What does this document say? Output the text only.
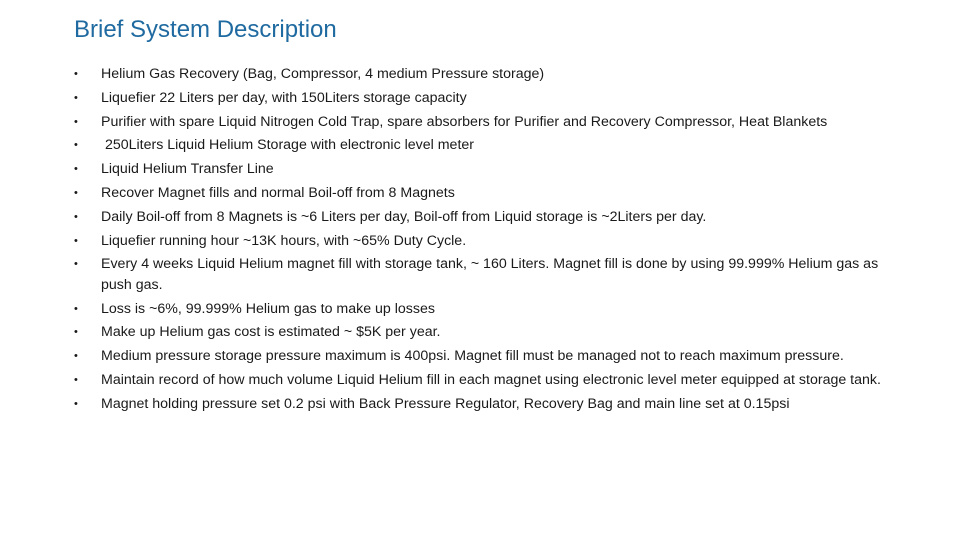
Brief System Description
•	Helium Gas Recovery (Bag, Compressor, 4 medium Pressure storage)
•	Liquefier 22 Liters per day, with 150Liters storage capacity
•	Purifier with spare Liquid Nitrogen Cold Trap, spare absorbers for Purifier and Recovery Compressor, Heat Blankets
•	250Liters Liquid Helium Storage with electronic level meter
•	Liquid Helium Transfer Line
•	Recover Magnet fills and normal Boil-off from 8 Magnets
•	Daily Boil-off from 8 Magnets is ~6 Liters per day, Boil-off from Liquid storage is ~2Liters per day.
•	Liquefier running hour ~13K hours, with ~65% Duty Cycle.
•	Every 4 weeks Liquid Helium magnet fill with storage tank, ~ 160 Liters. Magnet fill is done by using 99.999% Helium gas as push gas.
•	Loss is ~6%, 99.999% Helium gas to make up losses
•	Make up Helium gas cost is estimated ~ $5K per year.
•	Medium pressure storage pressure maximum is 400psi. Magnet fill must be managed not to reach maximum pressure.
•	Maintain record of how much volume Liquid Helium fill in each magnet using electronic level meter equipped at storage tank.
•	Magnet holding pressure set 0.2 psi with Back Pressure Regulator, Recovery Bag and main line set at 0.15psi
